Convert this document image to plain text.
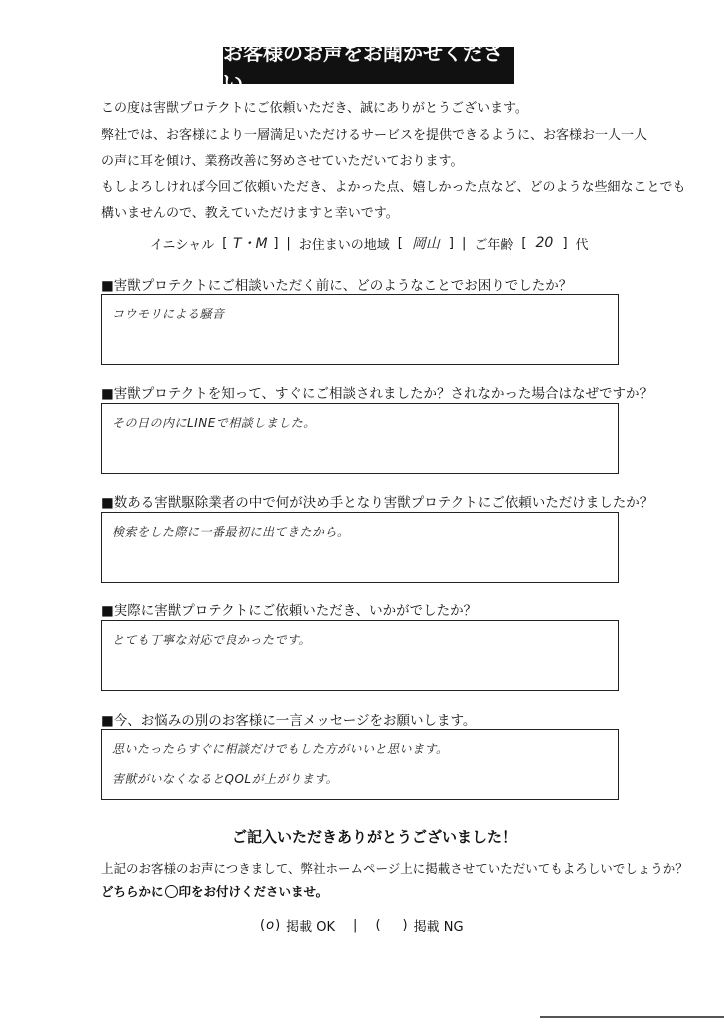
お客様のお声をお聞かせください
この度は害獣プロテクトにご依頼いただき、誠にありがとうございます。
弊社では、お客様により一層満足いただけるサービスを提供できるように、お客様お一人一人
の声に耳を傾け、業務改善に努めさせていただいております。
もしよろしければ今回ご依頼いただき、よかった点、嬉しかった点など、どのような些細なことでも
構いませんので、教えていただけますと幸いです。
イニシャル [ T・M ] | お住まいの地域 [ 岡山 ] | ご年齢 [ 20 ] 代
■害獣プロテクトにご相談いただく前に、どのようなことでお困りでしたか？
コウモリによる騒音
■害獣プロテクトを知って、すぐにご相談されましたか？されなかった場合はなぜですか？
その日の内にLINEで相談しました。
■数ある害獣駆除業者の中で何が決め手となり害獣プロテクトにご依頼いただけましたか？
検索をした際に一番最初に出てきたから。
■実際に害獣プロテクトにご依頼いただき、いかがでしたか？
とても丁寧な対応で良かったです。
■今、お悩みの別のお客様に一言メッセージをお願いします。
思いたったらすぐに相談だけでもした方がいいと思います。
害獣がいなくなるとQOLが上がります。
ご記入いただきありがとうございました！
上記のお客様のお声につきまして、弊社ホームページ上に掲載させていただいてもよろしいでしょうか？
どちらかに○印をお付けくださいませ。
( o ) 掲載 OK | ( ) 掲載 NG
